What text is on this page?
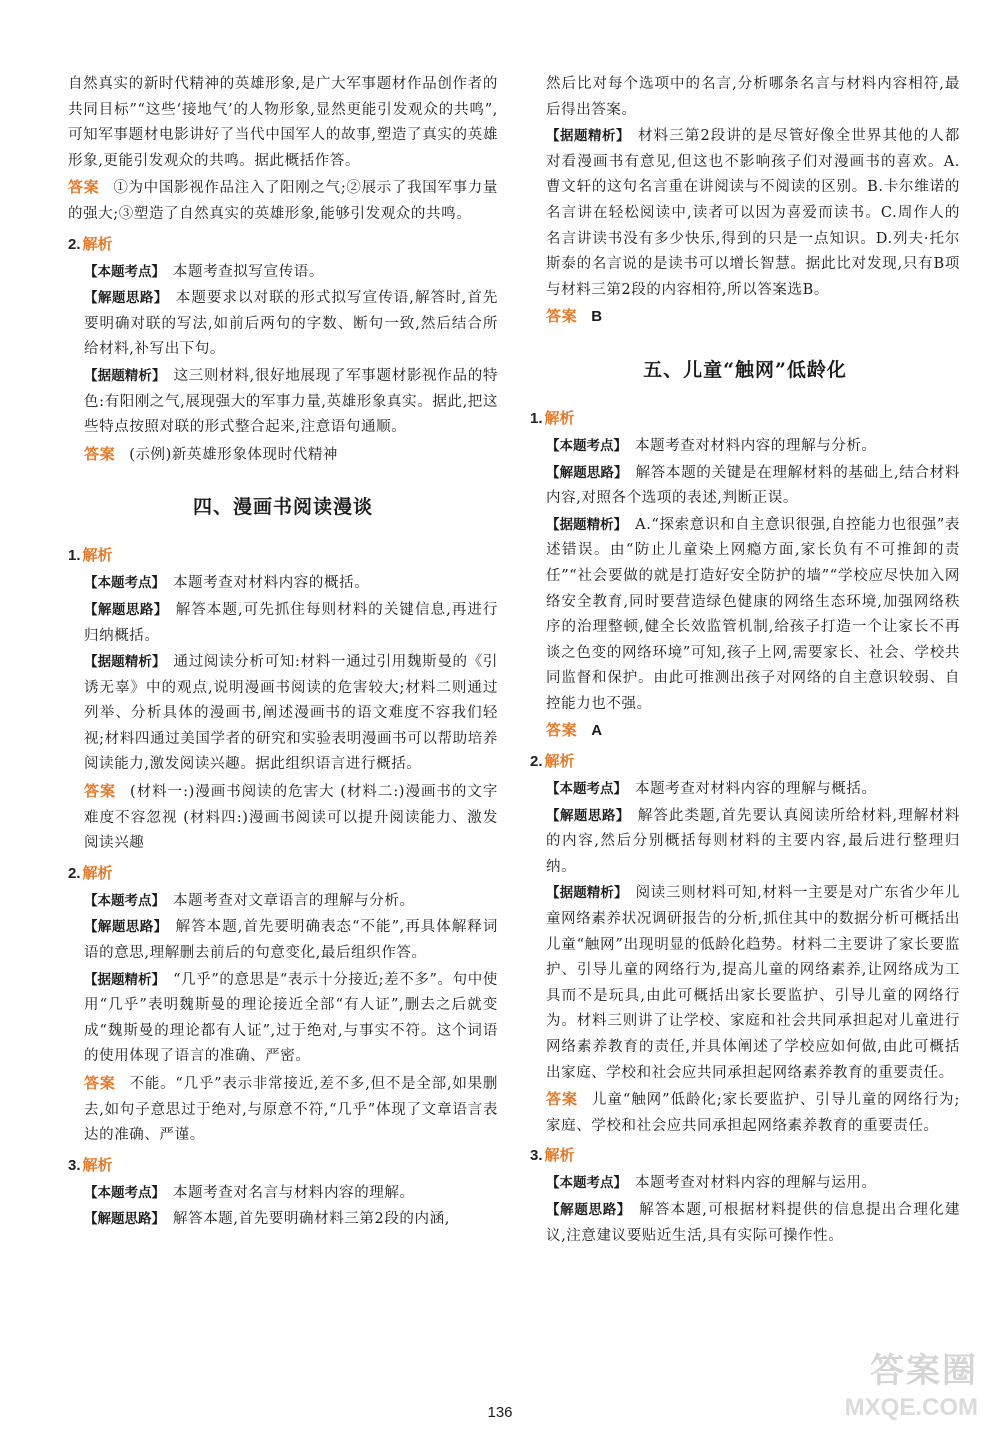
自然真实的新时代精神的英雄形象,是广大军事题材作品创作者的共同目标”“这些‘接地气’的人物形象,显然更能引发观众的共鸣”,可知军事题材电影讲好了当代中国军人的故事,塑造了真实的英雄形象,更能引发观众的共鸣。据此概括作答。

答案 ①为中国影视作品注入了阳刚之气;②展示了我国军事力量的强大;③塑造了自然真实的英雄形象,能够引发观众的共鸣。

2. 解析

【本题考点】 本题考查拟写宣传语。

【解题思路】 本题要求以对联的形式拟写宣传语,解答时,首先要明确对联的写法,如前后两句的字数、断句一致,然后结合所给材料,补写出下句。

【据题精析】 这三则材料,很好地展现了军事题材影视作品的特色:有阳刚之气,展现强大的军事力量,英雄形象真实。据此,把这些特点按照对联的形式整合起来,注意语句通顺。

答案 (示例)新英雄形象体现时代精神

四、漫画书阅读漫谈
1. 解析

【本题考点】 本题考查对材料内容的概括。

【解题思路】 解答本题,可先抓住每则材料的关键信息,再进行归纳概括。

【据题精析】 通过阅读分析可知:材料一通过引用魏斯曼的《引诱无辜》中的观点,说明漫画书阅读的危害较大;材料二则通过列举、分析具体的漫画书,阐述漫画书的语文难度不容我们轻视;材料四通过美国学者的研究和实验表明漫画书可以帮助培养阅读能力,激发阅读兴趣。据此组织语言进行概括。

答案 (材料一:)漫画书阅读的危害大 (材料二:)漫画书的文字难度不容忽视 (材料四:)漫画书阅读可以提升阅读能力、激发阅读兴趣

2. 解析

【本题考点】 本题考查对文章语言的理解与分析。

【解题思路】 解答本题,首先要明确表态“不能”,再具体解释词语的意思,理解删去前后的句意变化,最后组织作答。

【据题精析】 “几乎”的意思是“表示十分接近;差不多”。句中使用“几乎”表明魏斯曼的理论接近全部“有人证”,删去之后就变成“魏斯曼的理论都有人证”,过于绝对,与事实不符。这个词语的使用体现了语言的准确、严密。

答案 不能。“几乎”表示非常接近,差不多,但不是全部,如果删去,如句子意思过于绝对,与原意不符,“几乎”体现了文章语言表达的准确、严谨。

3. 解析

【本题考点】 本题考查对名言与材料内容的理解。

【解题思路】 解答本题,首先要明确材料三第2段的内涵,

然后比对每个选项中的名言,分析哪条名言与材料内容相符,最后得出答案。

【据题精析】 材料三第2段讲的是尽管好像全世界其他的人都对看漫画书有意见,但这也不影响孩子们对漫画书的喜欢。A.曹文轩的这句名言重在讲阅读与不阅读的区别。B.卡尔维诺的名言讲在轻松阅读中,读者可以因为喜爱而读书。C.周作人的名言讲读书没有多少快乐,得到的只是一点知识。D.列夫·托尔斯泰的名言说的是读书可以增长智慧。据此比对发现,只有B项与材料三第2段的内容相符,所以答案选B。

答案 B

五、儿童“触网”低龄化
1. 解析

【本题考点】 本题考查对材料内容的理解与分析。

【解题思路】 解答本题的关键是在理解材料的基础上,结合材料内容,对照各个选项的表述,判断正误。

【据题精析】 A.“探索意识和自主意识很强,自控能力也很强”表述错误。由“防止儿童染上网瘾方面,家长负有不可推卸的责任”“社会要做的就是打造好安全防护的墙”“学校应尽快加入网络安全教育,同时要营造绿色健康的网络生态环境,加强网络秩序的治理整顿,健全长效监管机制,给孩子打造一个让家长不再谈之色变的网络环境”可知,孩子上网,需要家长、社会、学校共同监督和保护。由此可推测出孩子对网络的自主意识较弱、自控能力也不强。

答案 A

2. 解析

【本题考点】 本题考查对材料内容的理解与概括。

【解题思路】 解答此类题,首先要认真阅读所给材料,理解材料的内容,然后分别概括每则材料的主要内容,最后进行整理归纳。

【据题精析】 阅读三则材料可知,材料一主要是对广东省少年儿童网络素养状况调研报告的分析,抓住其中的数据分析可概括出儿童“触网”出现明显的低龄化趋势。材料二主要讲了家长要监护、引导儿童的网络行为,提高儿童的网络素养,让网络成为工具而不是玩具,由此可概括出家长要监护、引导儿童的网络行为。材料三则讲了让学校、家庭和社会共同承担起对儿童进行网络素养教育的责任,并具体阐述了学校应如何做,由此可概括出家庭、学校和社会应共同承担起网络素养教育的重要责任。

答案 儿童“触网”低龄化;家长要监护、引导儿童的网络行为;家庭、学校和社会应共同承担起网络素养教育的重要责任。

3. 解析

【本题考点】 本题考查对材料内容的理解与运用。

【解题思路】 解答本题,可根据材料提供的信息提出合理化建议,注意建议要贴近生活,具有实际可操作性。

136
答案圈
MXQE.COM
